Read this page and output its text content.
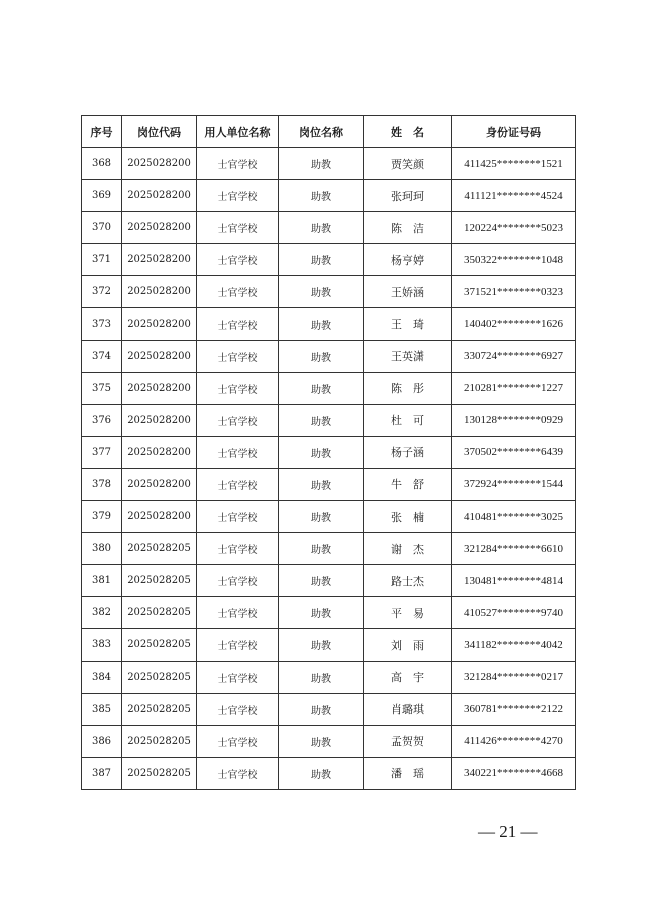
序号	岗位代码	用人单位名称	岗位名称	姓　名	身份证号码
368	2025028200	士官学校	助教	贾笑颜	411425********1521
369	2025028200	士官学校	助教	张珂珂	411121********4524
370	2025028200	士官学校	助教	陈　洁	120224********5023
371	2025028200	士官学校	助教	杨亨婷	350322********1048
372	2025028200	士官学校	助教	王娇涵	371521********0323
373	2025028200	士官学校	助教	王　琦	140402********1626
374	2025028200	士官学校	助教	王英潇	330724********6927
375	2025028200	士官学校	助教	陈　彤	210281********1227
376	2025028200	士官学校	助教	杜　可	130128********0929
377	2025028200	士官学校	助教	杨子涵	370502********6439
378	2025028200	士官学校	助教	牛　舒	372924********1544
379	2025028200	士官学校	助教	张　楠	410481********3025
380	2025028205	士官学校	助教	谢　杰	321284********6610
381	2025028205	士官学校	助教	路士杰	130481********4814
382	2025028205	士官学校	助教	平　易	410527********9740
383	2025028205	士官学校	助教	刘　雨	341182********4042
384	2025028205	士官学校	助教	高　宇	321284********0217
385	2025028205	士官学校	助教	肖璐琪	360781********2122
386	2025028205	士官学校	助教	孟贺贺	411426********4270
387	2025028205	士官学校	助教	潘　瑶	340221********4668
— 21 —
